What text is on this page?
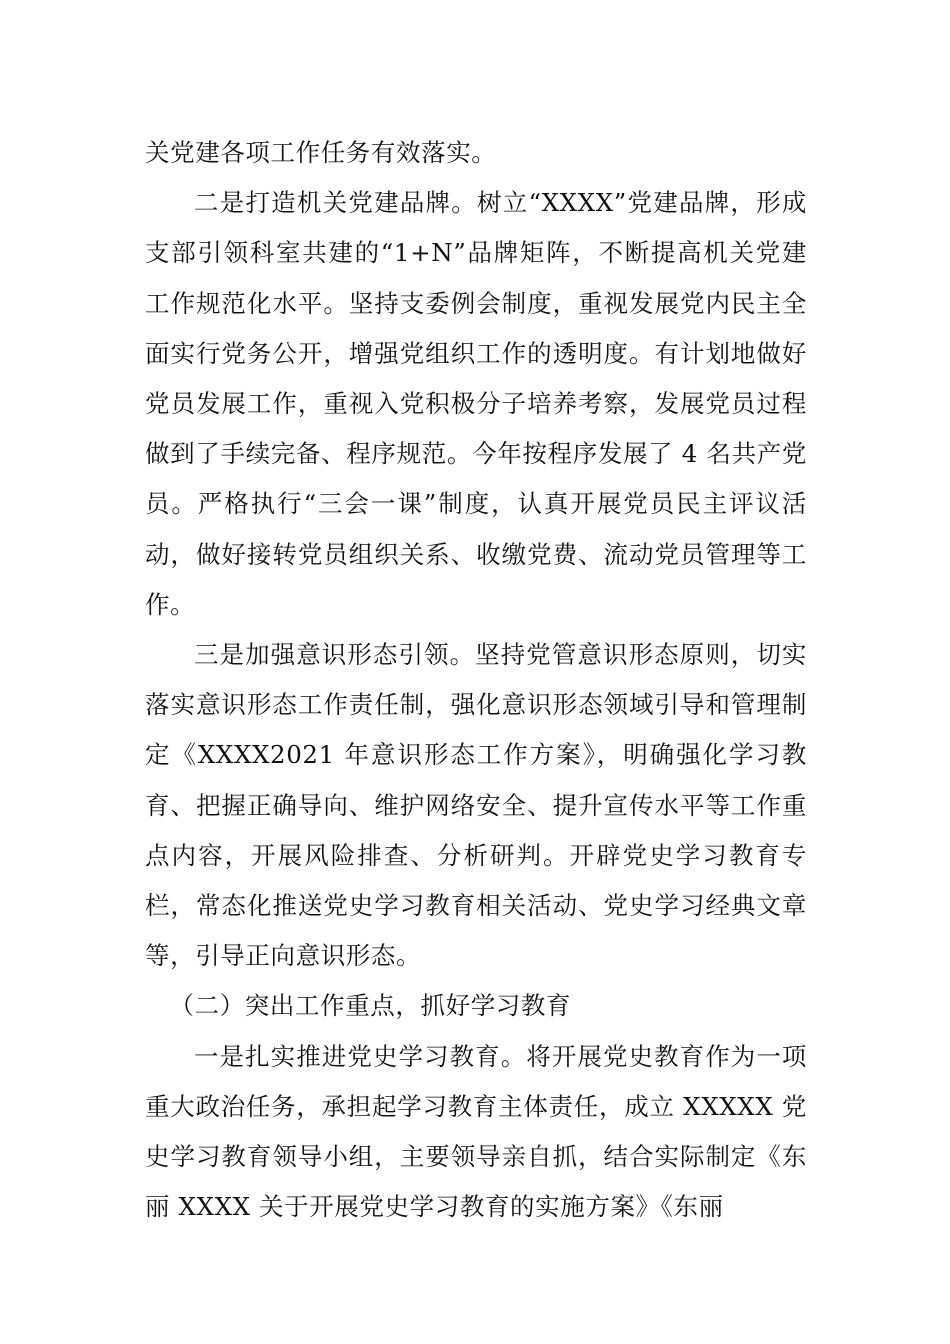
关党建各项工作任务有效落实。

二是打造机关党建品牌。树立“XXXX”党建品牌，形成支部引领科室共建的“1+N”品牌矩阵，不断提高机关党建工作规范化水平。坚持支委例会制度，重视发展党内民主全面实行党务公开，增强党组织工作的透明度。有计划地做好党员发展工作，重视入党积极分子培养考察，发展党员过程做到了手续完备、程序规范。今年按程序发展了 4 名共产党员。严格执行“三会一课”制度，认真开展党员民主评议活动，做好接转党员组织关系、收缴党费、流动党员管理等工作。

三是加强意识形态引领。坚持党管意识形态原则，切实落实意识形态工作责任制，强化意识形态领域引导和管理制定《XXXX2021 年意识形态工作方案》，明确强化学习教育、把握正确导向、维护网络安全、提升宣传水平等工作重点内容，开展风险排查、分析研判。开辟党史学习教育专栏，常态化推送党史学习教育相关活动、党史学习经典文章等，引导正向意识形态。

（二）突出工作重点，抓好学习教育

一是扎实推进党史学习教育。将开展党史教育作为一项重大政治任务，承担起学习教育主体责任，成立 XXXXX 党史学习教育领导小组，主要领导亲自抓，结合实际制定《东丽 XXXX 关于开展党史学习教育的实施方案》《东丽
